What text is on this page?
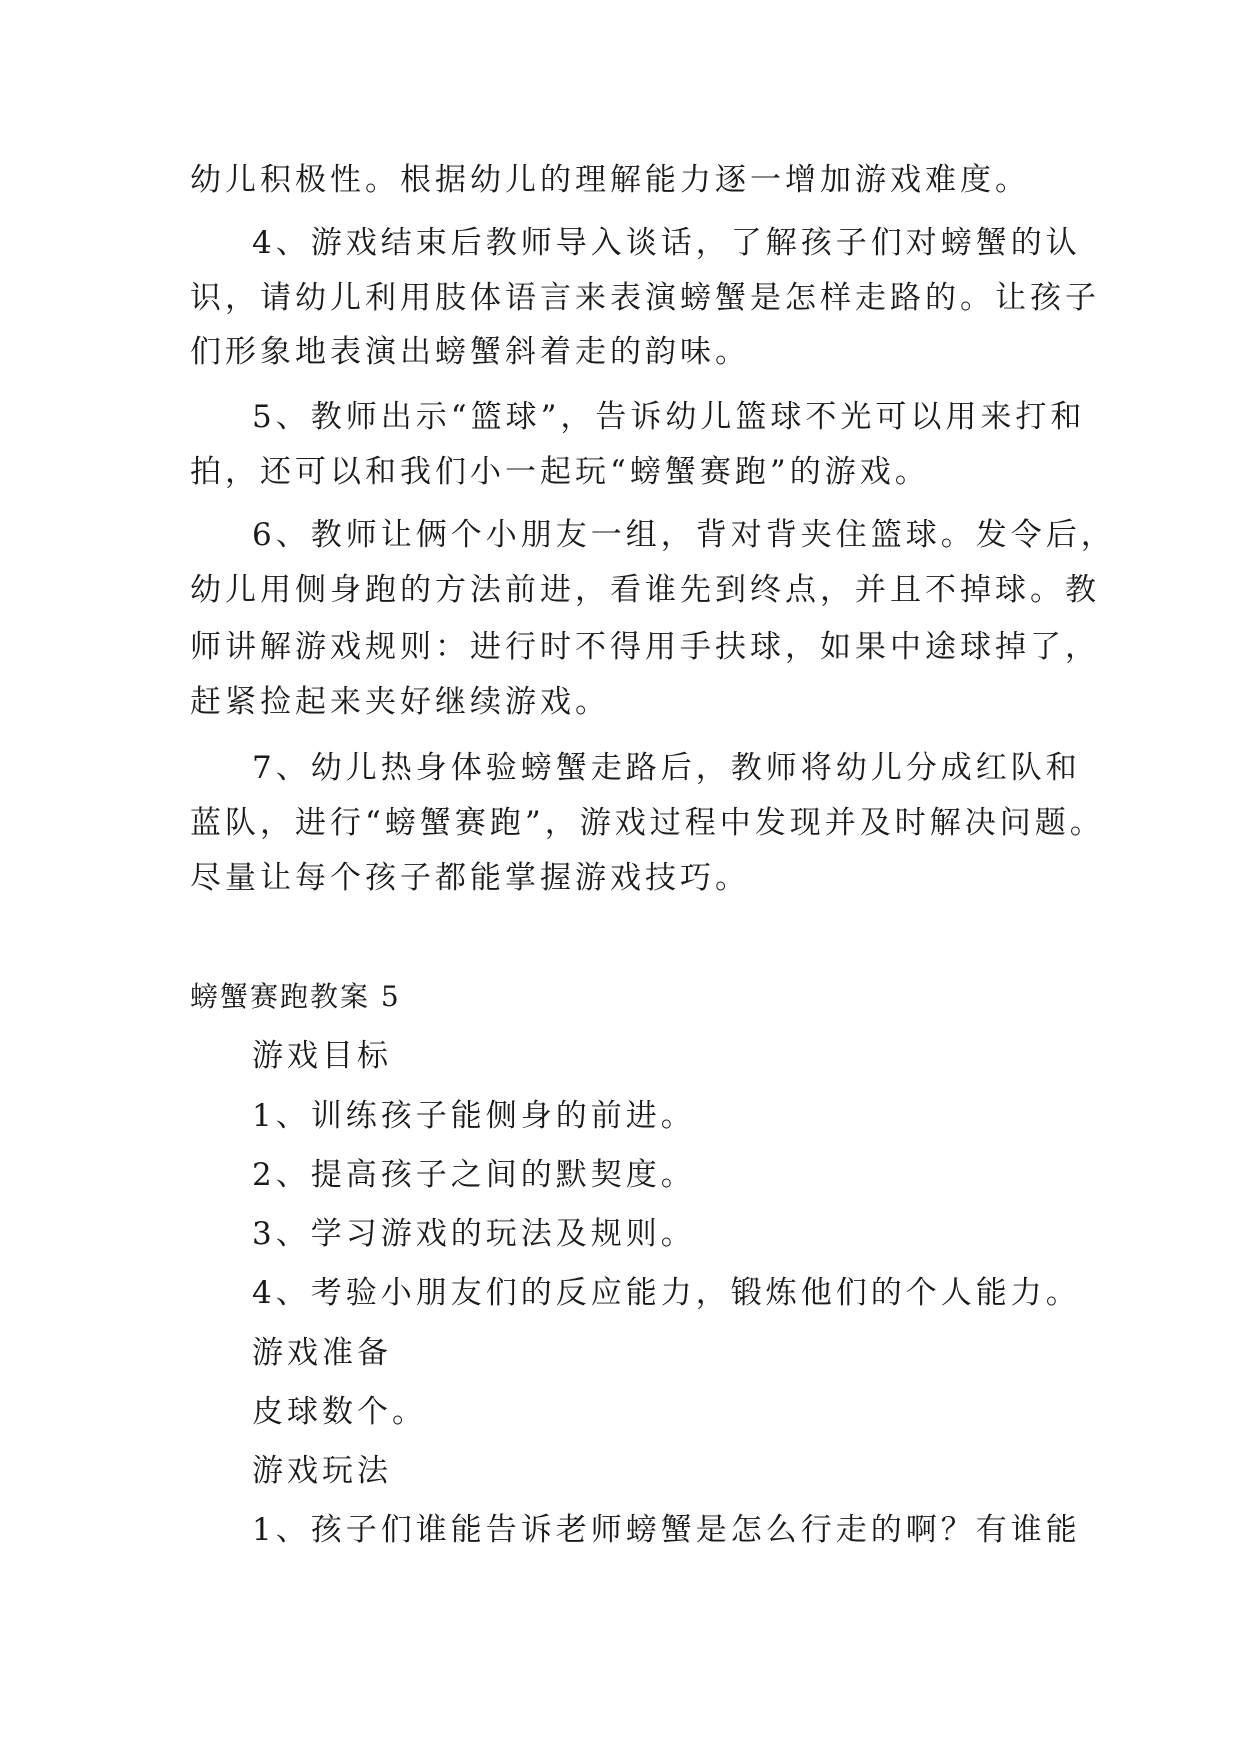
幼儿积极性。根据幼儿的理解能力逐一增加游戏难度。
4、游戏结束后教师导入谈话，了解孩子们对螃蟹的认
识，请幼儿利用肢体语言来表演螃蟹是怎样走路的。让孩子
们形象地表演出螃蟹斜着走的韵味。
5、教师出示“篮球”，告诉幼儿篮球不光可以用来打和
拍，还可以和我们小一起玩“螃蟹赛跑”的游戏。
6、教师让俩个小朋友一组，背对背夹住篮球。发令后，
幼儿用侧身跑的方法前进，看谁先到终点，并且不掉球。教
师讲解游戏规则：进行时不得用手扶球，如果中途球掉了，
赶紧捡起来夹好继续游戏。
7、幼儿热身体验螃蟹走路后，教师将幼儿分成红队和
蓝队，进行“螃蟹赛跑”，游戏过程中发现并及时解决问题。
尽量让每个孩子都能掌握游戏技巧。
螃蟹赛跑教案 5
游戏目标
1、训练孩子能侧身的前进。
2、提高孩子之间的默契度。
3、学习游戏的玩法及规则。
4、考验小朋友们的反应能力，锻炼他们的个人能力。
游戏准备
皮球数个。
游戏玩法
1、孩子们谁能告诉老师螃蟹是怎么行走的啊？有谁能
